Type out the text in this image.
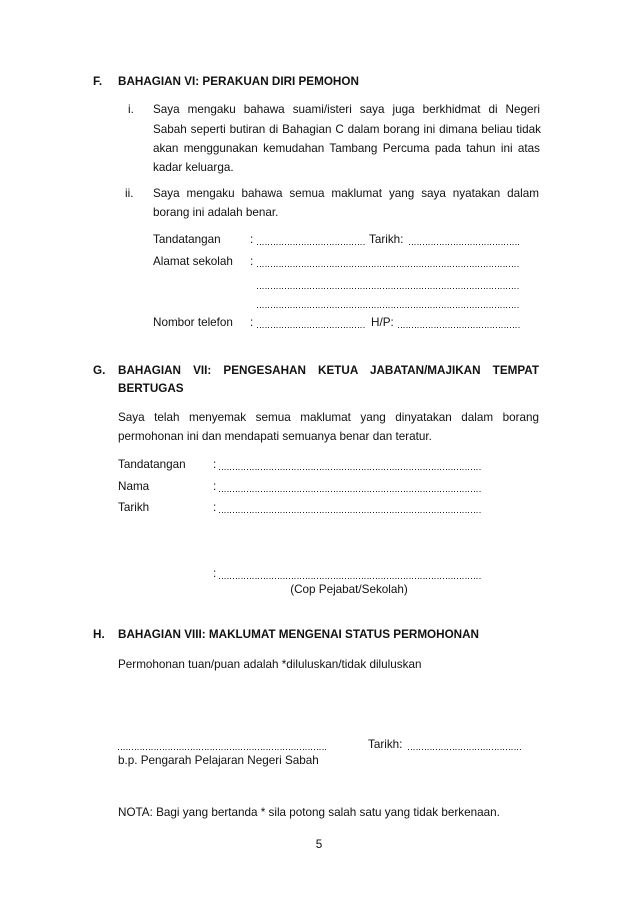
F. BAHAGIAN VI: PERAKUAN DIRI PEMOHON
i. Saya mengaku bahawa suami/isteri saya juga berkhidmat di Negeri
Sabah seperti butiran di Bahagian C dalam borang ini dimana beliau tidak
akan menggunakan kemudahan Tambang Percuma pada tahun ini atas
kadar keluarga.
ii. Saya mengaku bahawa semua maklumat yang saya nyatakan dalam
borang ini adalah benar.
Tandatangan	:	Tarikh:
Alamat sekolah :
Nombor telefon :	H/P:
G. BAHAGIAN VII: PENGESAHAN KETUA JABATAN/MAJIKAN TEMPAT
BERTUGAS
Saya telah menyemak semua maklumat yang dinyatakan dalam borang
permohonan ini dan mendapati semuanya benar dan teratur.
Tandatangan :
Nama	:
Tarikh	:
:
(Cop Pejabat/Sekolah)
H. BAHAGIAN VIII: MAKLUMAT MENGENAI STATUS PERMOHONAN
Permohonan tuan/puan adalah *diluluskan/tidak diluluskan
Tarikh:
b.p. Pengarah Pelajaran Negeri Sabah
NOTA: Bagi yang bertanda * sila potong salah satu yang tidak berkenaan.
5
